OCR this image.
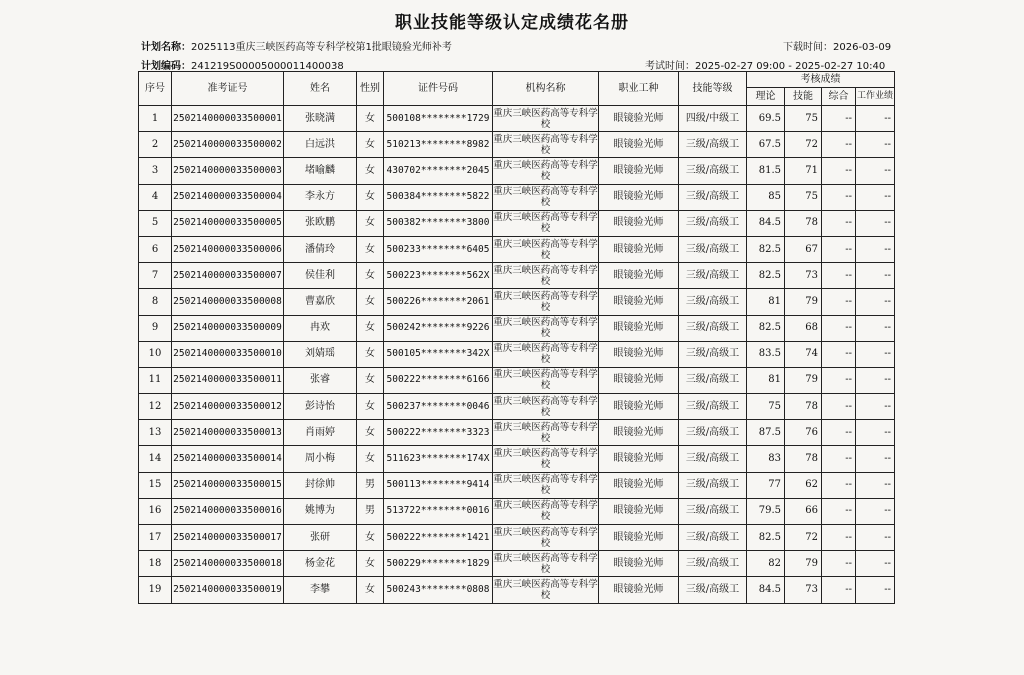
职业技能等级认定成绩花名册
计划名称：2025113重庆三峡医药高等专科学校第1批眼镜验光师补考	下载时间：2026-03-09
计划编码：241219S00005000011400038	考试时间：2025-02-27 09:00 - 2025-02-27 10:40
序号	准考证号	姓名	性别	证件号码	机构名称	职业工种	技能等级	考核成绩			
								理论	技能	综合	工作业绩
1	2502140000033500001	张晓满	女	500108********1729	重庆三峡医药高等专科学校	眼镜验光师	四级/中级工	69.5	75	--	--
2	2502140000033500002	白远洪	女	510213********8982	重庆三峡医药高等专科学校	眼镜验光师	三级/高级工	67.5	72	--	--
3	2502140000033500003	堵喻麟	女	430702********2045	重庆三峡医药高等专科学校	眼镜验光师	三级/高级工	81.5	71	--	--
4	2502140000033500004	李永方	女	500384********5822	重庆三峡医药高等专科学校	眼镜验光师	三级/高级工	85	75	--	--
5	2502140000033500005	张欧鹏	女	500382********3800	重庆三峡医药高等专科学校	眼镜验光师	三级/高级工	84.5	78	--	--
6	2502140000033500006	潘倩玲	女	500233********6405	重庆三峡医药高等专科学校	眼镜验光师	三级/高级工	82.5	67	--	--
7	2502140000033500007	侯佳利	女	500223********562X	重庆三峡医药高等专科学校	眼镜验光师	三级/高级工	82.5	73	--	--
8	2502140000033500008	曹嘉欣	女	500226********2061	重庆三峡医药高等专科学校	眼镜验光师	三级/高级工	81	79	--	--
9	2502140000033500009	冉欢	女	500242********9226	重庆三峡医药高等专科学校	眼镜验光师	三级/高级工	82.5	68	--	--
10	2502140000033500010	刘婧瑶	女	500105********342X	重庆三峡医药高等专科学校	眼镜验光师	三级/高级工	83.5	74	--	--
11	2502140000033500011	张睿	女	500222********6166	重庆三峡医药高等专科学校	眼镜验光师	三级/高级工	81	79	--	--
12	2502140000033500012	彭诗怡	女	500237********0046	重庆三峡医药高等专科学校	眼镜验光师	三级/高级工	75	78	--	--
13	2502140000033500013	肖雨婷	女	500222********3323	重庆三峡医药高等专科学校	眼镜验光师	三级/高级工	87.5	76	--	--
14	2502140000033500014	周小梅	女	511623********174X	重庆三峡医药高等专科学校	眼镜验光师	三级/高级工	83	78	--	--
15	2502140000033500015	封徐帅	男	500113********9414	重庆三峡医药高等专科学校	眼镜验光师	三级/高级工	77	62	--	--
16	2502140000033500016	姚博为	男	513722********0016	重庆三峡医药高等专科学校	眼镜验光师	三级/高级工	79.5	66	--	--
17	2502140000033500017	张研	女	500222********1421	重庆三峡医药高等专科学校	眼镜验光师	三级/高级工	82.5	72	--	--
18	2502140000033500018	杨金花	女	500229********1829	重庆三峡医药高等专科学校	眼镜验光师	三级/高级工	82	79	--	--
19	2502140000033500019	李攀	女	500243********0808	重庆三峡医药高等专科学校	眼镜验光师	三级/高级工	84.5	73	--	--
